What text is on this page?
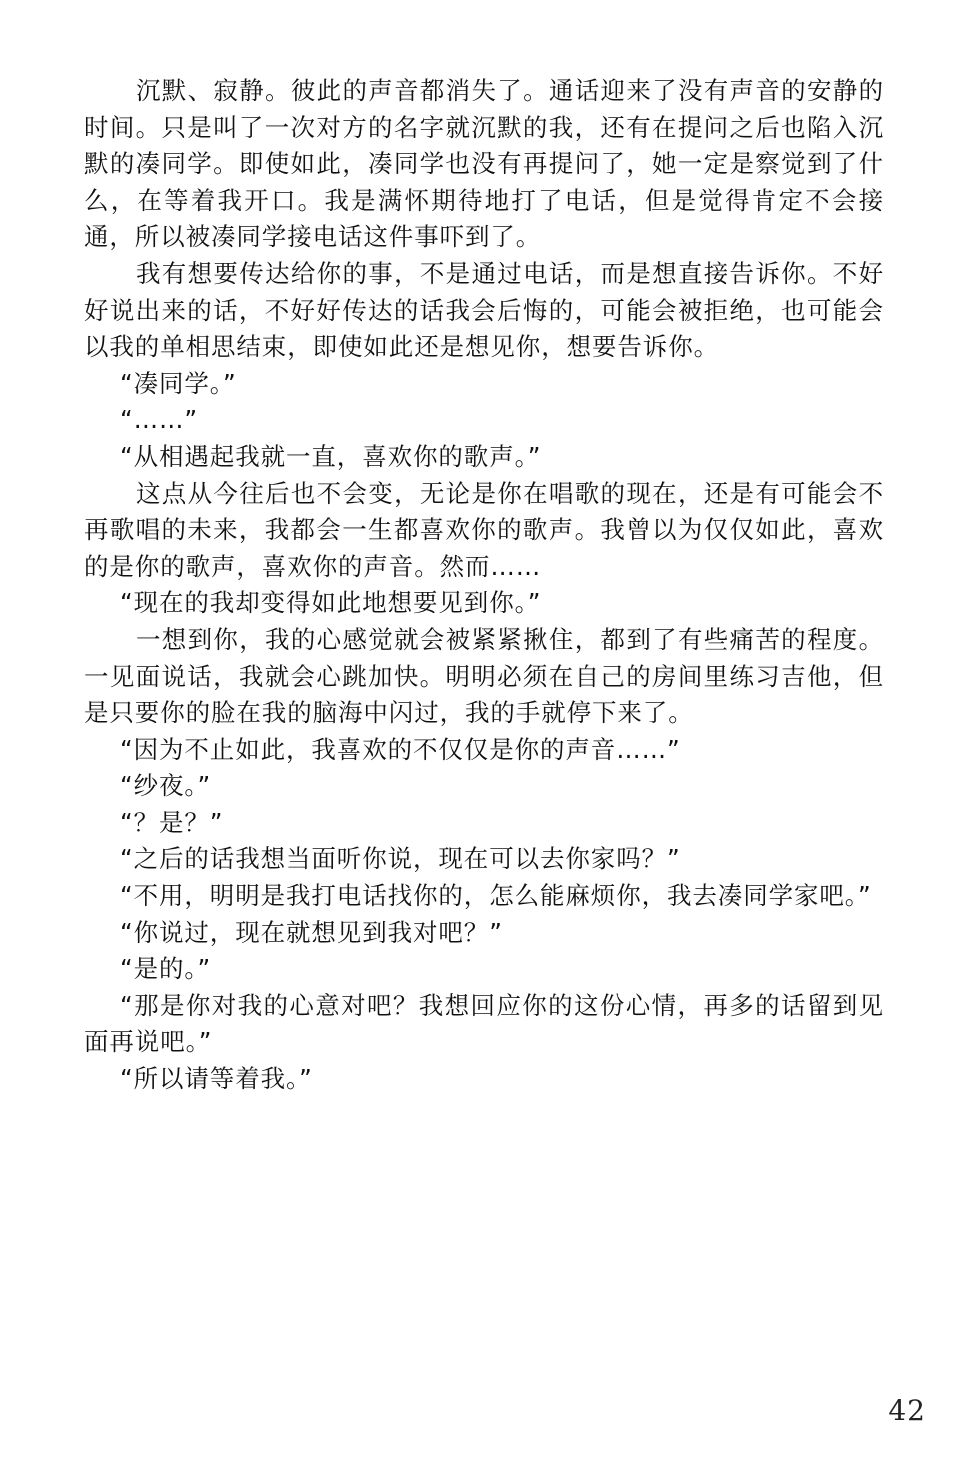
沉默、寂静。彼此的声音都消失了。通话迎来了没有声音的安静的时间。只是叫了一次对方的名字就沉默的我，还有在提问之后也陷入沉默的凑同学。即使如此，凑同学也没有再提问了，她一定是察觉到了什么，在等着我开口。我是满怀期待地打了电话，但是觉得肯定不会接通，所以被凑同学接电话这件事吓到了。

我有想要传达给你的事，不是通过电话，而是想直接告诉你。不好好说出来的话，不好好传达的话我会后悔的，可能会被拒绝，也可能会以我的单相思结束，即使如此还是想见你，想要告诉你。

“凑同学。”

“……”

“从相遇起我就一直，喜欢你的歌声。”

这点从今往后也不会变，无论是你在唱歌的现在，还是有可能会不再歌唱的未来，我都会一生都喜欢你的歌声。我曾以为仅仅如此，喜欢的是你的歌声，喜欢你的声音。然而……

“现在的我却变得如此地想要见到你。”

一想到你，我的心感觉就会被紧紧揪住，都到了有些痛苦的程度。一见面说话，我就会心跳加快。明明必须在自己的房间里练习吉他，但是只要你的脸在我的脑海中闪过，我的手就停下来了。

“因为不止如此，我喜欢的不仅仅是你的声音……”

“纱夜。”

“？是？”

“之后的话我想当面听你说，现在可以去你家吗？”

“不用，明明是我打电话找你的，怎么能麻烦你，我去凑同学家吧。”

“你说过，现在就想见到我对吧？”

“是的。”

“那是你对我的心意对吧？我想回应你的这份心情，再多的话留到见面再说吧。”

“所以请等着我。”

42
